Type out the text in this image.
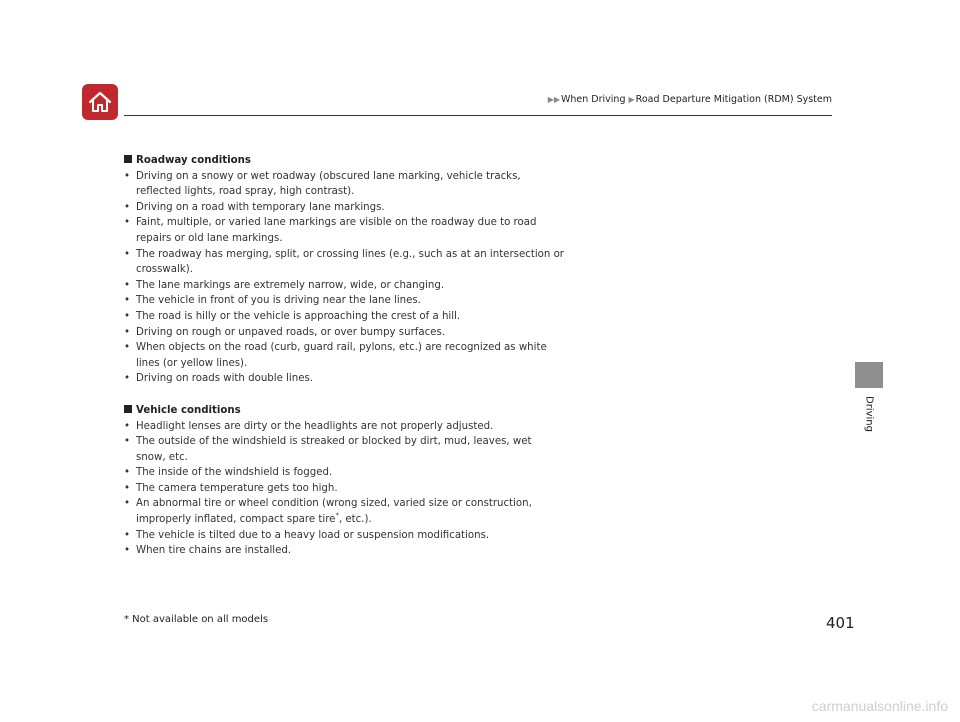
▶▶When Driving ▶Road Departure Mitigation (RDM) System

Roadway conditions

• Driving on a snowy or wet roadway (obscured lane marking, vehicle tracks, reflected lights, road spray, high contrast).
• Driving on a road with temporary lane markings.
• Faint, multiple, or varied lane markings are visible on the roadway due to road repairs or old lane markings.
• The roadway has merging, split, or crossing lines (e.g., such as at an intersection or crosswalk).
• The lane markings are extremely narrow, wide, or changing.
• The vehicle in front of you is driving near the lane lines.
• The road is hilly or the vehicle is approaching the crest of a hill.
• Driving on rough or unpaved roads, or over bumpy surfaces.
• When objects on the road (curb, guard rail, pylons, etc.) are recognized as white lines (or yellow lines).
• Driving on roads with double lines.

Vehicle conditions

• Headlight lenses are dirty or the headlights are not properly adjusted.
• The outside of the windshield is streaked or blocked by dirt, mud, leaves, wet snow, etc.
• The inside of the windshield is fogged.
• The camera temperature gets too high.
• An abnormal tire or wheel condition (wrong sized, varied size or construction, improperly inflated, compact spare tire*, etc.).
• The vehicle is tilted due to a heavy load or suspension modifications.
• When tire chains are installed.
Driving
* Not available on all models	401
carmanualsonline.info
